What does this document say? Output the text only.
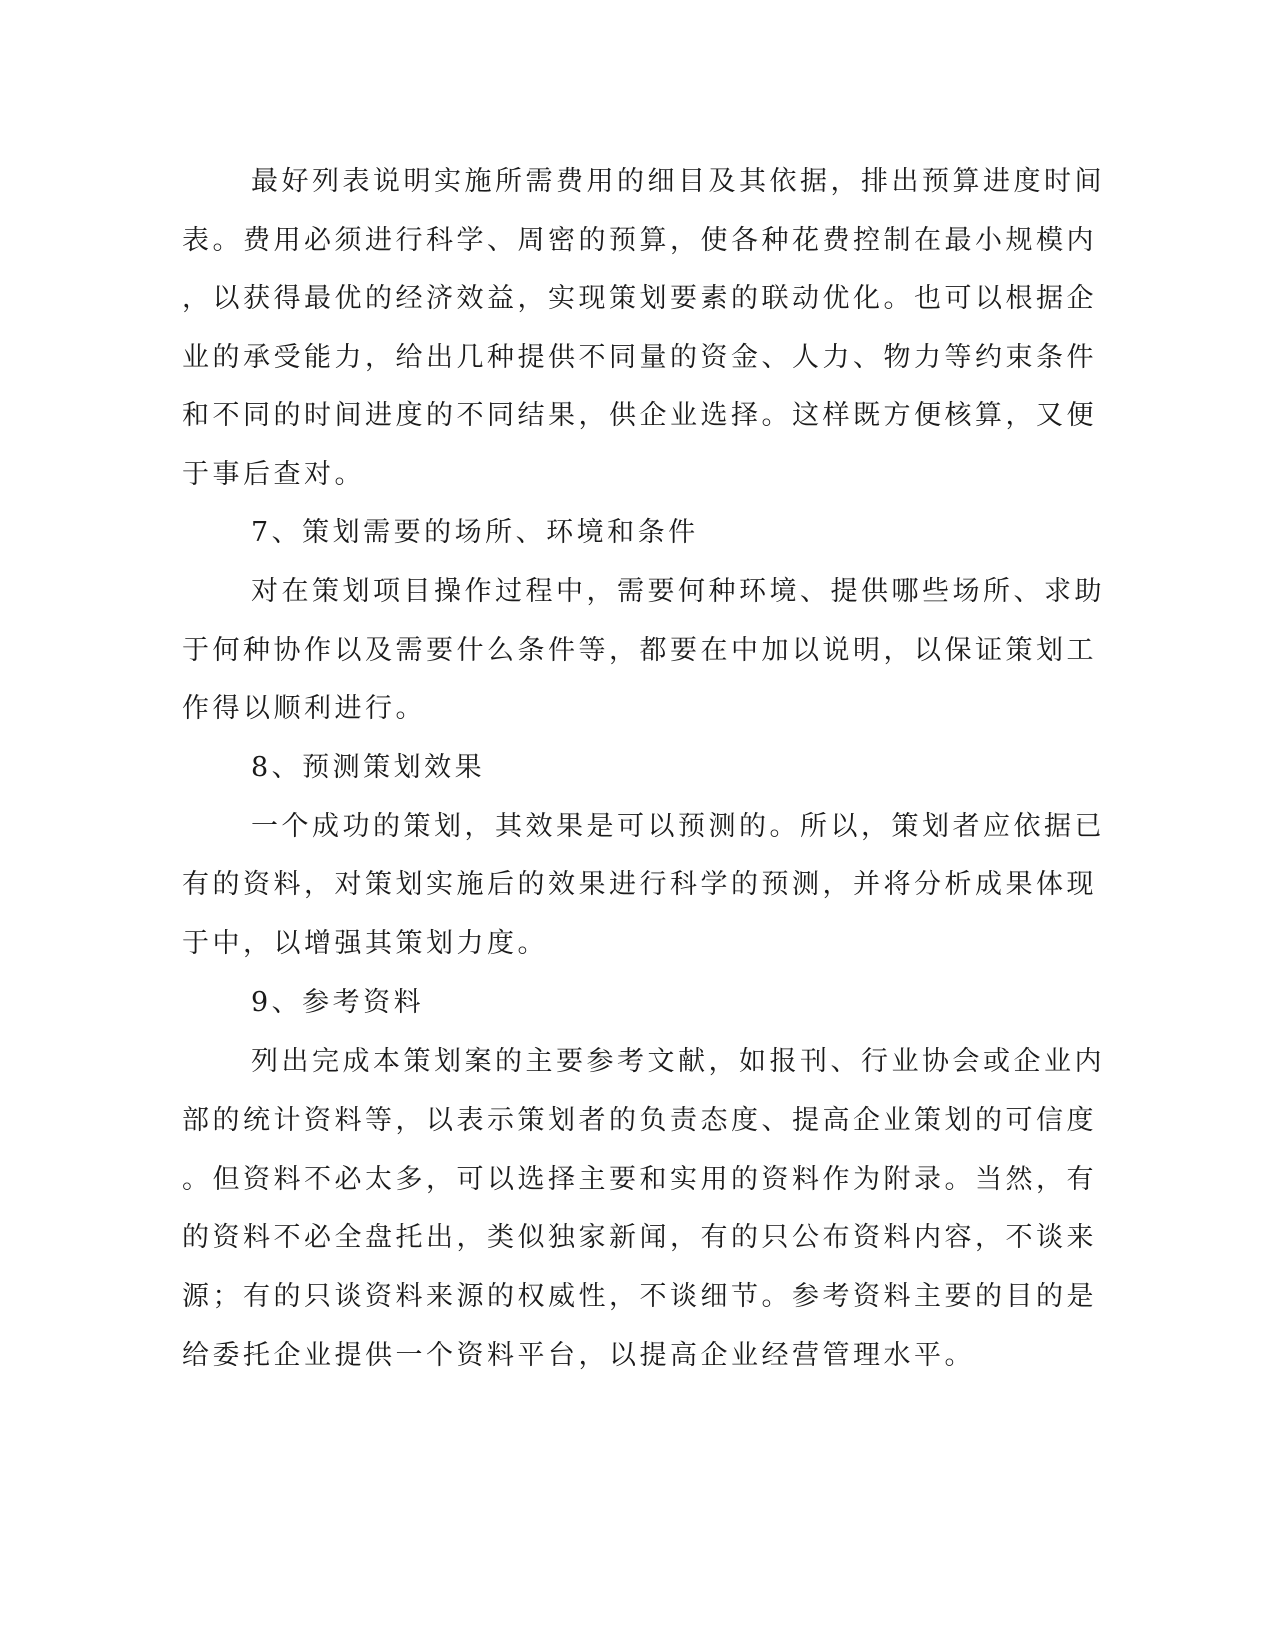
最好列表说明实施所需费用的细目及其依据，排出预算进度时间

表。费用必须进行科学、周密的预算，使各种花费控制在最小规模内

，以获得最优的经济效益，实现策划要素的联动优化。也可以根据企

业的承受能力，给出几种提供不同量的资金、人力、物力等约束条件

和不同的时间进度的不同结果，供企业选择。这样既方便核算，又便

于事后查对。

7、策划需要的场所、环境和条件

对在策划项目操作过程中，需要何种环境、提供哪些场所、求助

于何种协作以及需要什么条件等，都要在中加以说明，以保证策划工

作得以顺利进行。

8、预测策划效果

一个成功的策划，其效果是可以预测的。所以，策划者应依据已

有的资料，对策划实施后的效果进行科学的预测，并将分析成果体现

于中，以增强其策划力度。

9、参考资料

列出完成本策划案的主要参考文献，如报刊、行业协会或企业内

部的统计资料等，以表示策划者的负责态度、提高企业策划的可信度

。但资料不必太多，可以选择主要和实用的资料作为附录。当然，有

的资料不必全盘托出，类似独家新闻，有的只公布资料内容，不谈来

源；有的只谈资料来源的权威性，不谈细节。参考资料主要的目的是

给委托企业提供一个资料平台，以提高企业经营管理水平。
